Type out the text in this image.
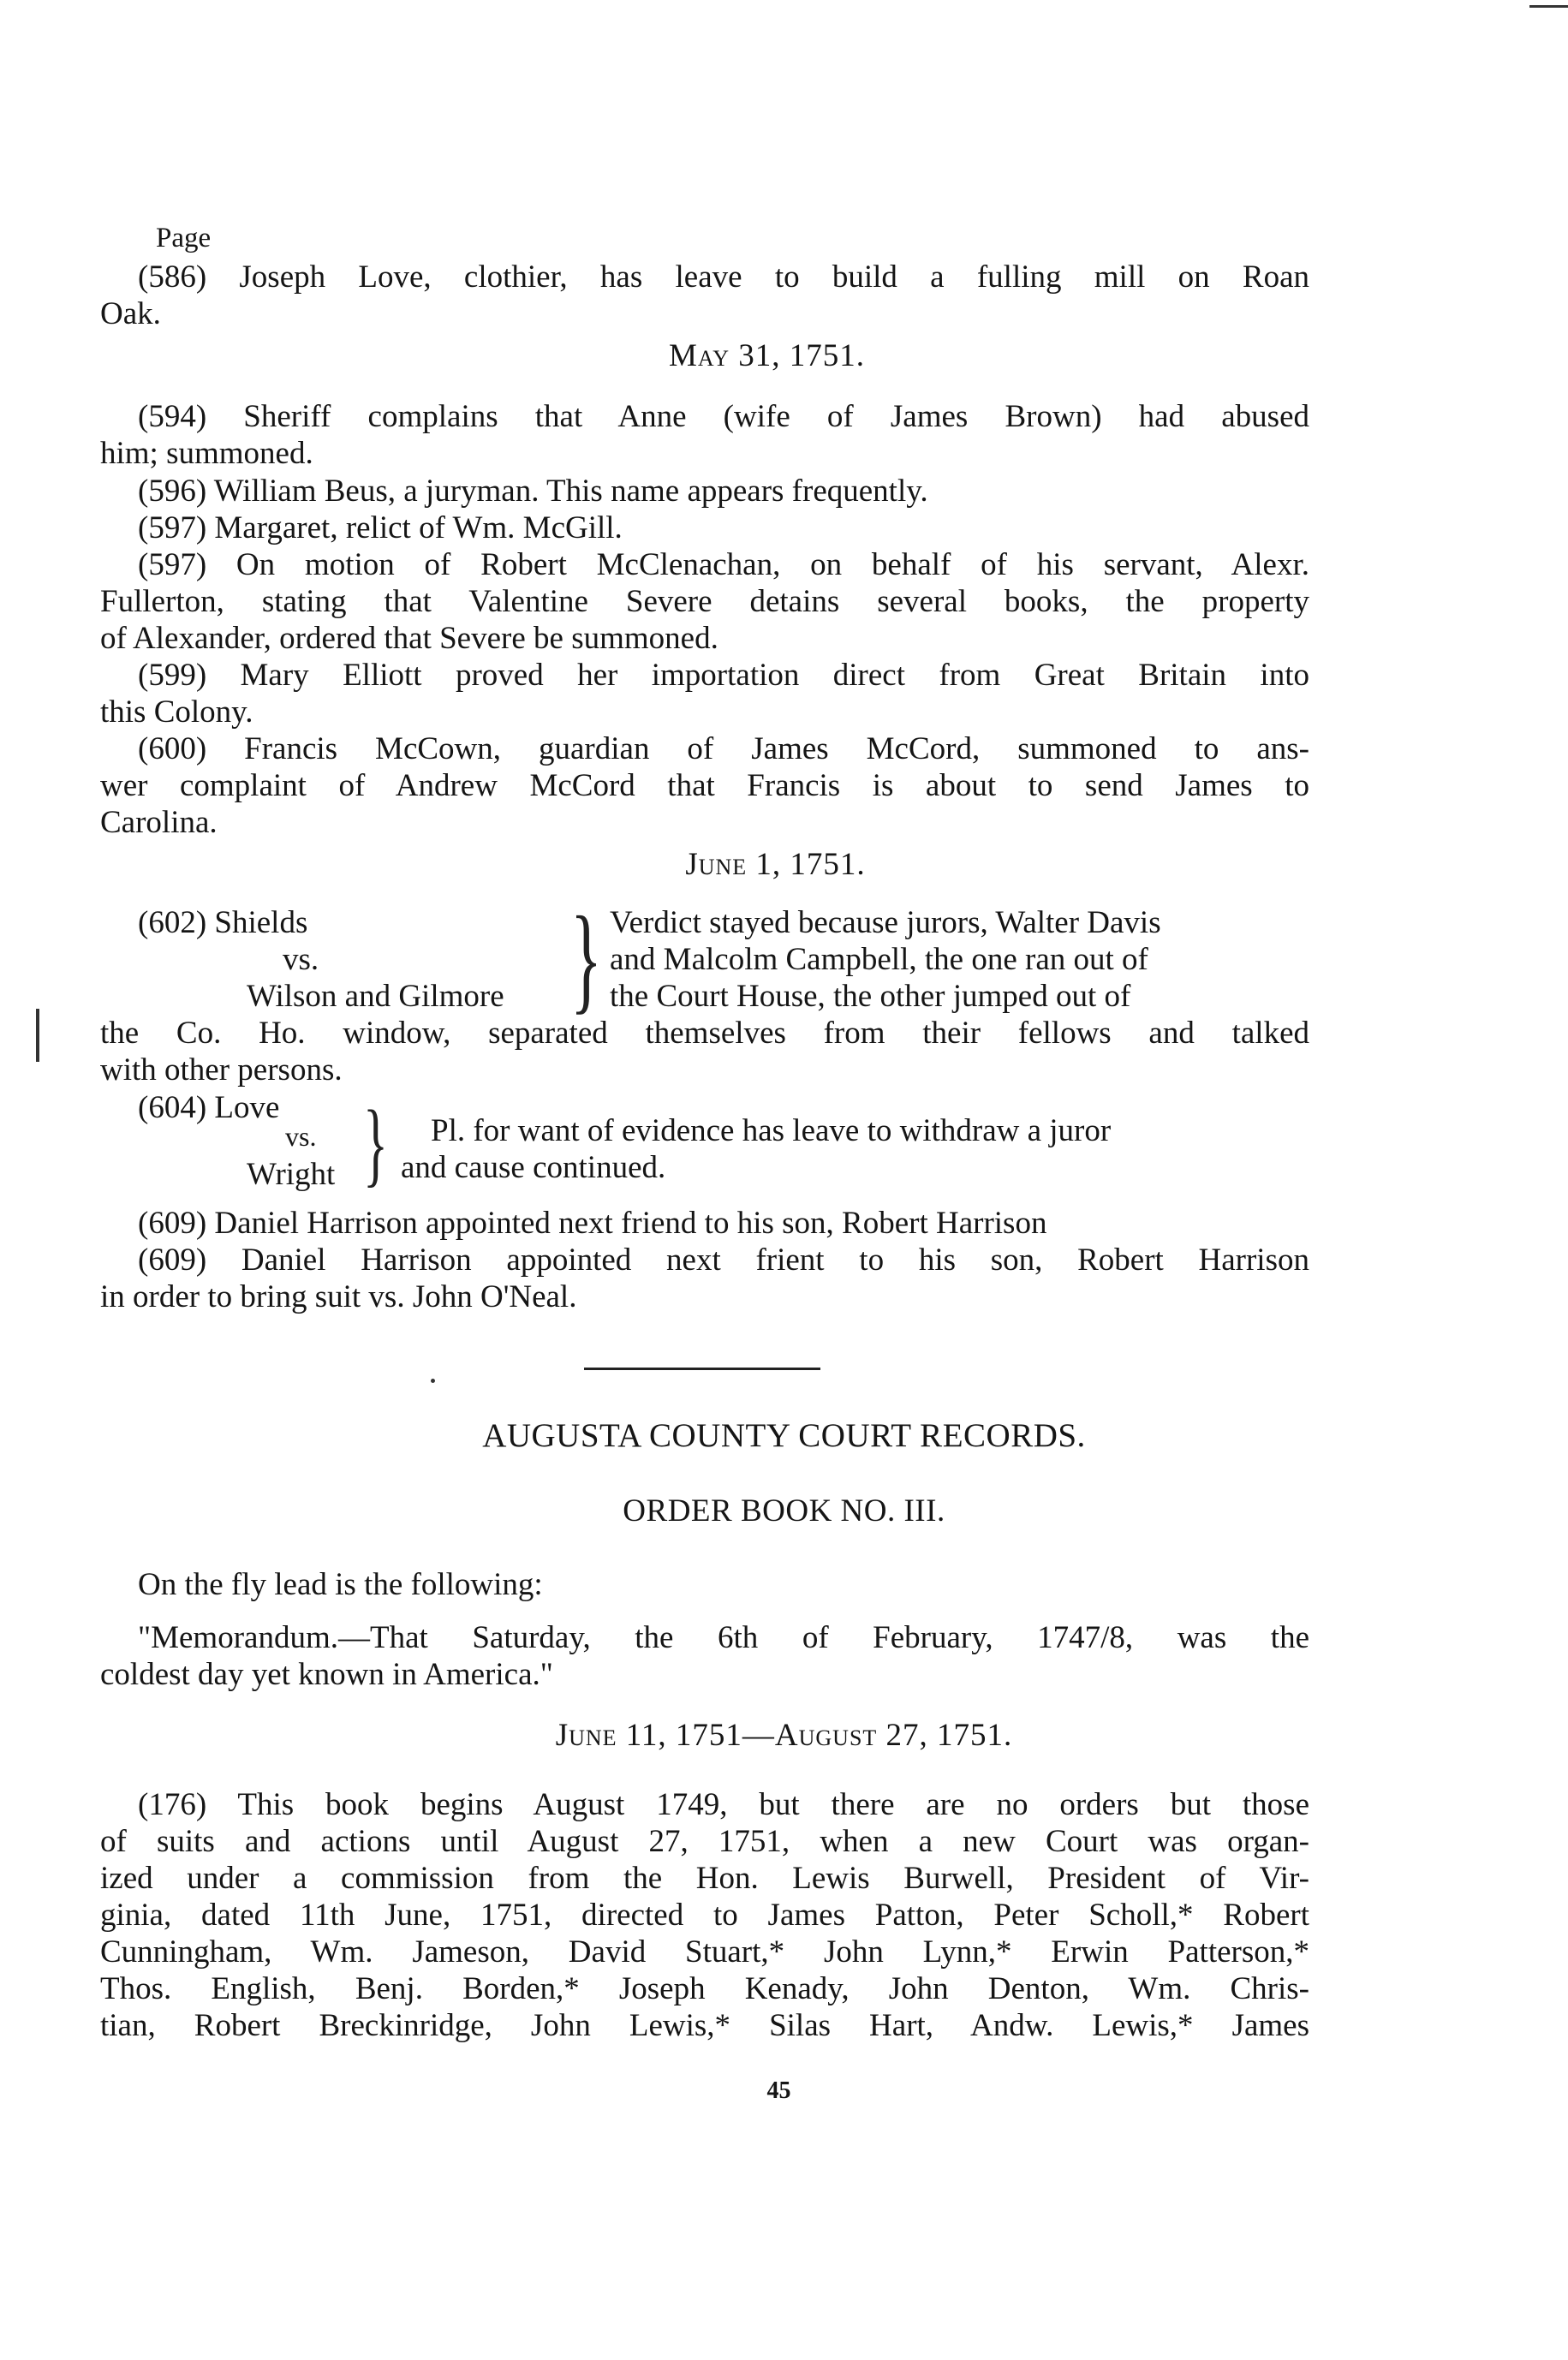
Page
(586) Joseph Love, clothier, has leave to build a fulling mill on Roan
Oak.
May 31, 1751.
(594) Sheriff complains that Anne (wife of James Brown) had abused
him; summoned.
(596) William Beus, a juryman. This name appears frequently.
(597) Margaret, relict of Wm. McGill.
(597) On motion of Robert McClenachan, on behalf of his servant, Alexr.
Fullerton, stating that Valentine Severe detains several books, the property
of Alexander, ordered that Severe be summoned.
(599) Mary Elliott proved her importation direct from Great Britain into
this Colony.
(600) Francis McCown, guardian of James McCord, summoned to ans-
wer complaint of Andrew McCord that Francis is about to send James to
Carolina.
June 1, 1751.
(602) Shields
vs.
Wilson and Gilmore } Verdict stayed because jurors, Walter Davis
and Malcolm Campbell, the one ran out of
the Court House, the other jumped out of
the Co. Ho. window, separated themselves from their fellows and talked
with other persons.
(604) Love
vs.
Wright } Pl. for want of evidence has leave to withdraw a juror
and cause continued.
(609) Daniel Harrison appointed next friend to his son, Robert Harrison
(609) Daniel Harrison appointed next frient to his son, Robert Harrison
in order to bring suit vs. John O'Neal.
AUGUSTA COUNTY COURT RECORDS.
ORDER BOOK NO. III.
On the fly lead is the following:
"Memorandum.—That Saturday, the 6th of February, 1747/8, was the
coldest day yet known in America."
June 11, 1751—August 27, 1751.
(176) This book begins August 1749, but there are no orders but those
of suits and actions until August 27, 1751, when a new Court was organ-
ized under a commission from the Hon. Lewis Burwell, President of Vir-
ginia, dated 11th June, 1751, directed to James Patton, Peter Scholl,* Robert
Cunningham, Wm. Jameson, David Stuart,* John Lynn,* Erwin Patterson,*
Thos. English, Benj. Borden,* Joseph Kenady, John Denton, Wm. Chris-
tian, Robert Breckinridge, John Lewis,* Silas Hart, Andw. Lewis,* James
45
